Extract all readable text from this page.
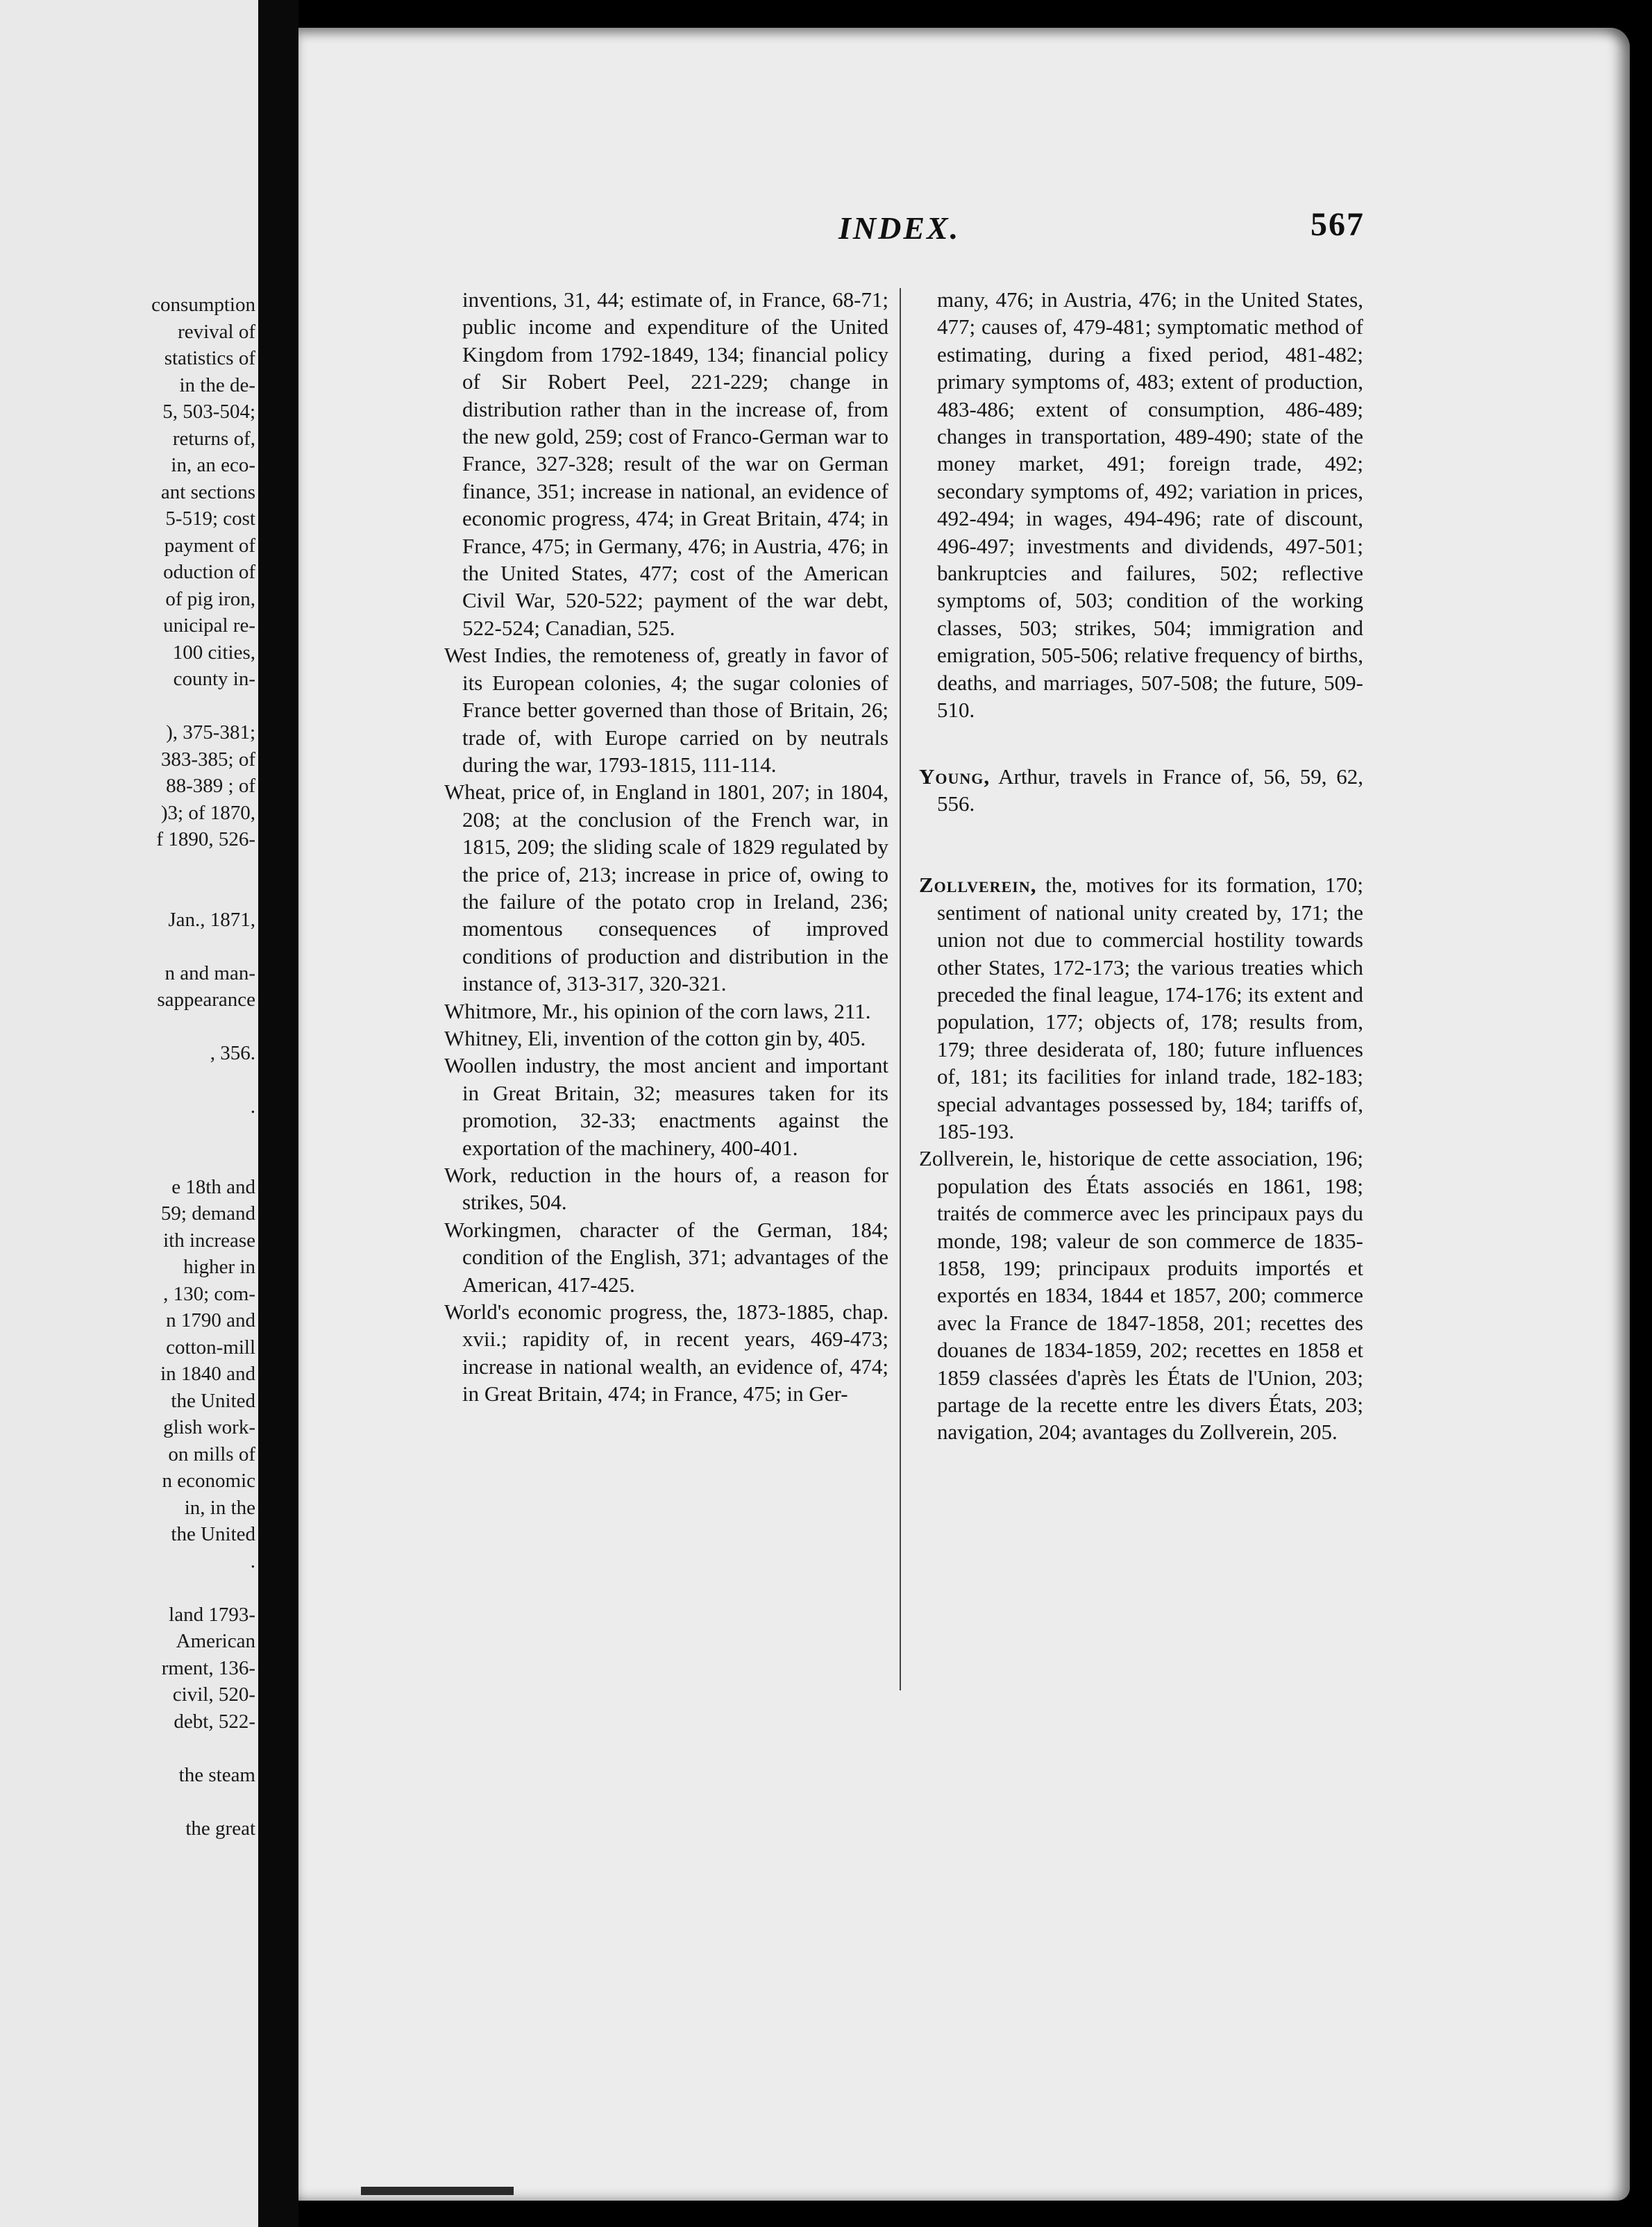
consumption
revival of
statistics of
in the de-
5, 503-504;
returns of,
in, an eco-
ant sections
5-519; cost
payment of
oduction of
of pig iron,
unicipal re-
100 cities,
county in-
), 375-381;
383-385; of
88-389 ; of
)3; of 1870,
f 1890, 526-
Jan., 1871,
n and man-
sappearance
, 356.
.
e 18th and
59; demand
ith increase
higher in
, 130; com-
n 1790 and
cotton-mill
in 1840 and
the United
glish work-
on mills of
n economic
in, in the
the United
.
land 1793-
American
rment, 136-
civil, 520-
debt, 522-
the steam
the great
INDEX.	567

inventions, 31, 44; estimate of, in France, 68-71; public income and expenditure of the United Kingdom from 1792-1849, 134; financial policy of Sir Robert Peel, 221-229; change in distribution rather than in the increase of, from the new gold, 259; cost of Franco-German war to France, 327-328; result of the war on German finance, 351; increase in national, an evidence of economic progress, 474; in Great Britain, 474; in France, 475; in Germany, 476; in Austria, 476; in the United States, 477; cost of the American Civil War, 520-522; payment of the war debt, 522-524; Canadian, 525.

West Indies, the remoteness of, greatly in favor of its European colonies, 4; the sugar colonies of France better governed than those of Britain, 26; trade of, with Europe carried on by neutrals during the war, 1793-1815, 111-114.

Wheat, price of, in England in 1801, 207; in 1804, 208; at the conclusion of the French war, in 1815, 209; the sliding scale of 1829 regulated by the price of, 213; increase in price of, owing to the failure of the potato crop in Ireland, 236; momentous consequences of improved conditions of production and distribution in the instance of, 313-317, 320-321.

Whitmore, Mr., his opinion of the corn laws, 211.

Whitney, Eli, invention of the cotton gin by, 405.

Woollen industry, the most ancient and important in Great Britain, 32; measures taken for its promotion, 32-33; enactments against the exportation of the machinery, 400-401.

Work, reduction in the hours of, a reason for strikes, 504.

Workingmen, character of the German, 184; condition of the English, 371; advantages of the American, 417-425.

World's economic progress, the, 1873-1885, chap. xvii.; rapidity of, in recent years, 469-473; increase in national wealth, an evidence of, 474; in Great Britain, 474; in France, 475; in Ger-

many, 476; in Austria, 476; in the United States, 477; causes of, 479-481; symptomatic method of estimating, during a fixed period, 481-482; primary symptoms of, 483; extent of production, 483-486; extent of consumption, 486-489; changes in transportation, 489-490; state of the money market, 491; foreign trade, 492; secondary symptoms of, 492; variation in prices, 492-494; in wages, 494-496; rate of discount, 496-497; investments and dividends, 497-501; bankruptcies and failures, 502; reflective symptoms of, 503; condition of the working classes, 503; strikes, 504; immigration and emigration, 505-506; relative frequency of births, deaths, and marriages, 507-508; the future, 509-510.

Young, Arthur, travels in France of, 56, 59, 62, 556.

Zollverein, the, motives for its formation, 170; sentiment of national unity created by, 171; the union not due to commercial hostility towards other States, 172-173; the various treaties which preceded the final league, 174-176; its extent and population, 177; objects of, 178; results from, 179; three desiderata of, 180; future influences of, 181; its facilities for inland trade, 182-183; special advantages possessed by, 184; tariffs of, 185-193.

Zollverein, le, historique de cette association, 196; population des États associés en 1861, 198; traités de commerce avec les principaux pays du monde, 198; valeur de son commerce de 1835-1858, 199; principaux produits importés et exportés en 1834, 1844 et 1857, 200; commerce avec la France de 1847-1858, 201; recettes des douanes de 1834-1859, 202; recettes en 1858 et 1859 classées d'après les États de l'Union, 203; partage de la recette entre les divers États, 203; navigation, 204; avantages du Zollverein, 205.
